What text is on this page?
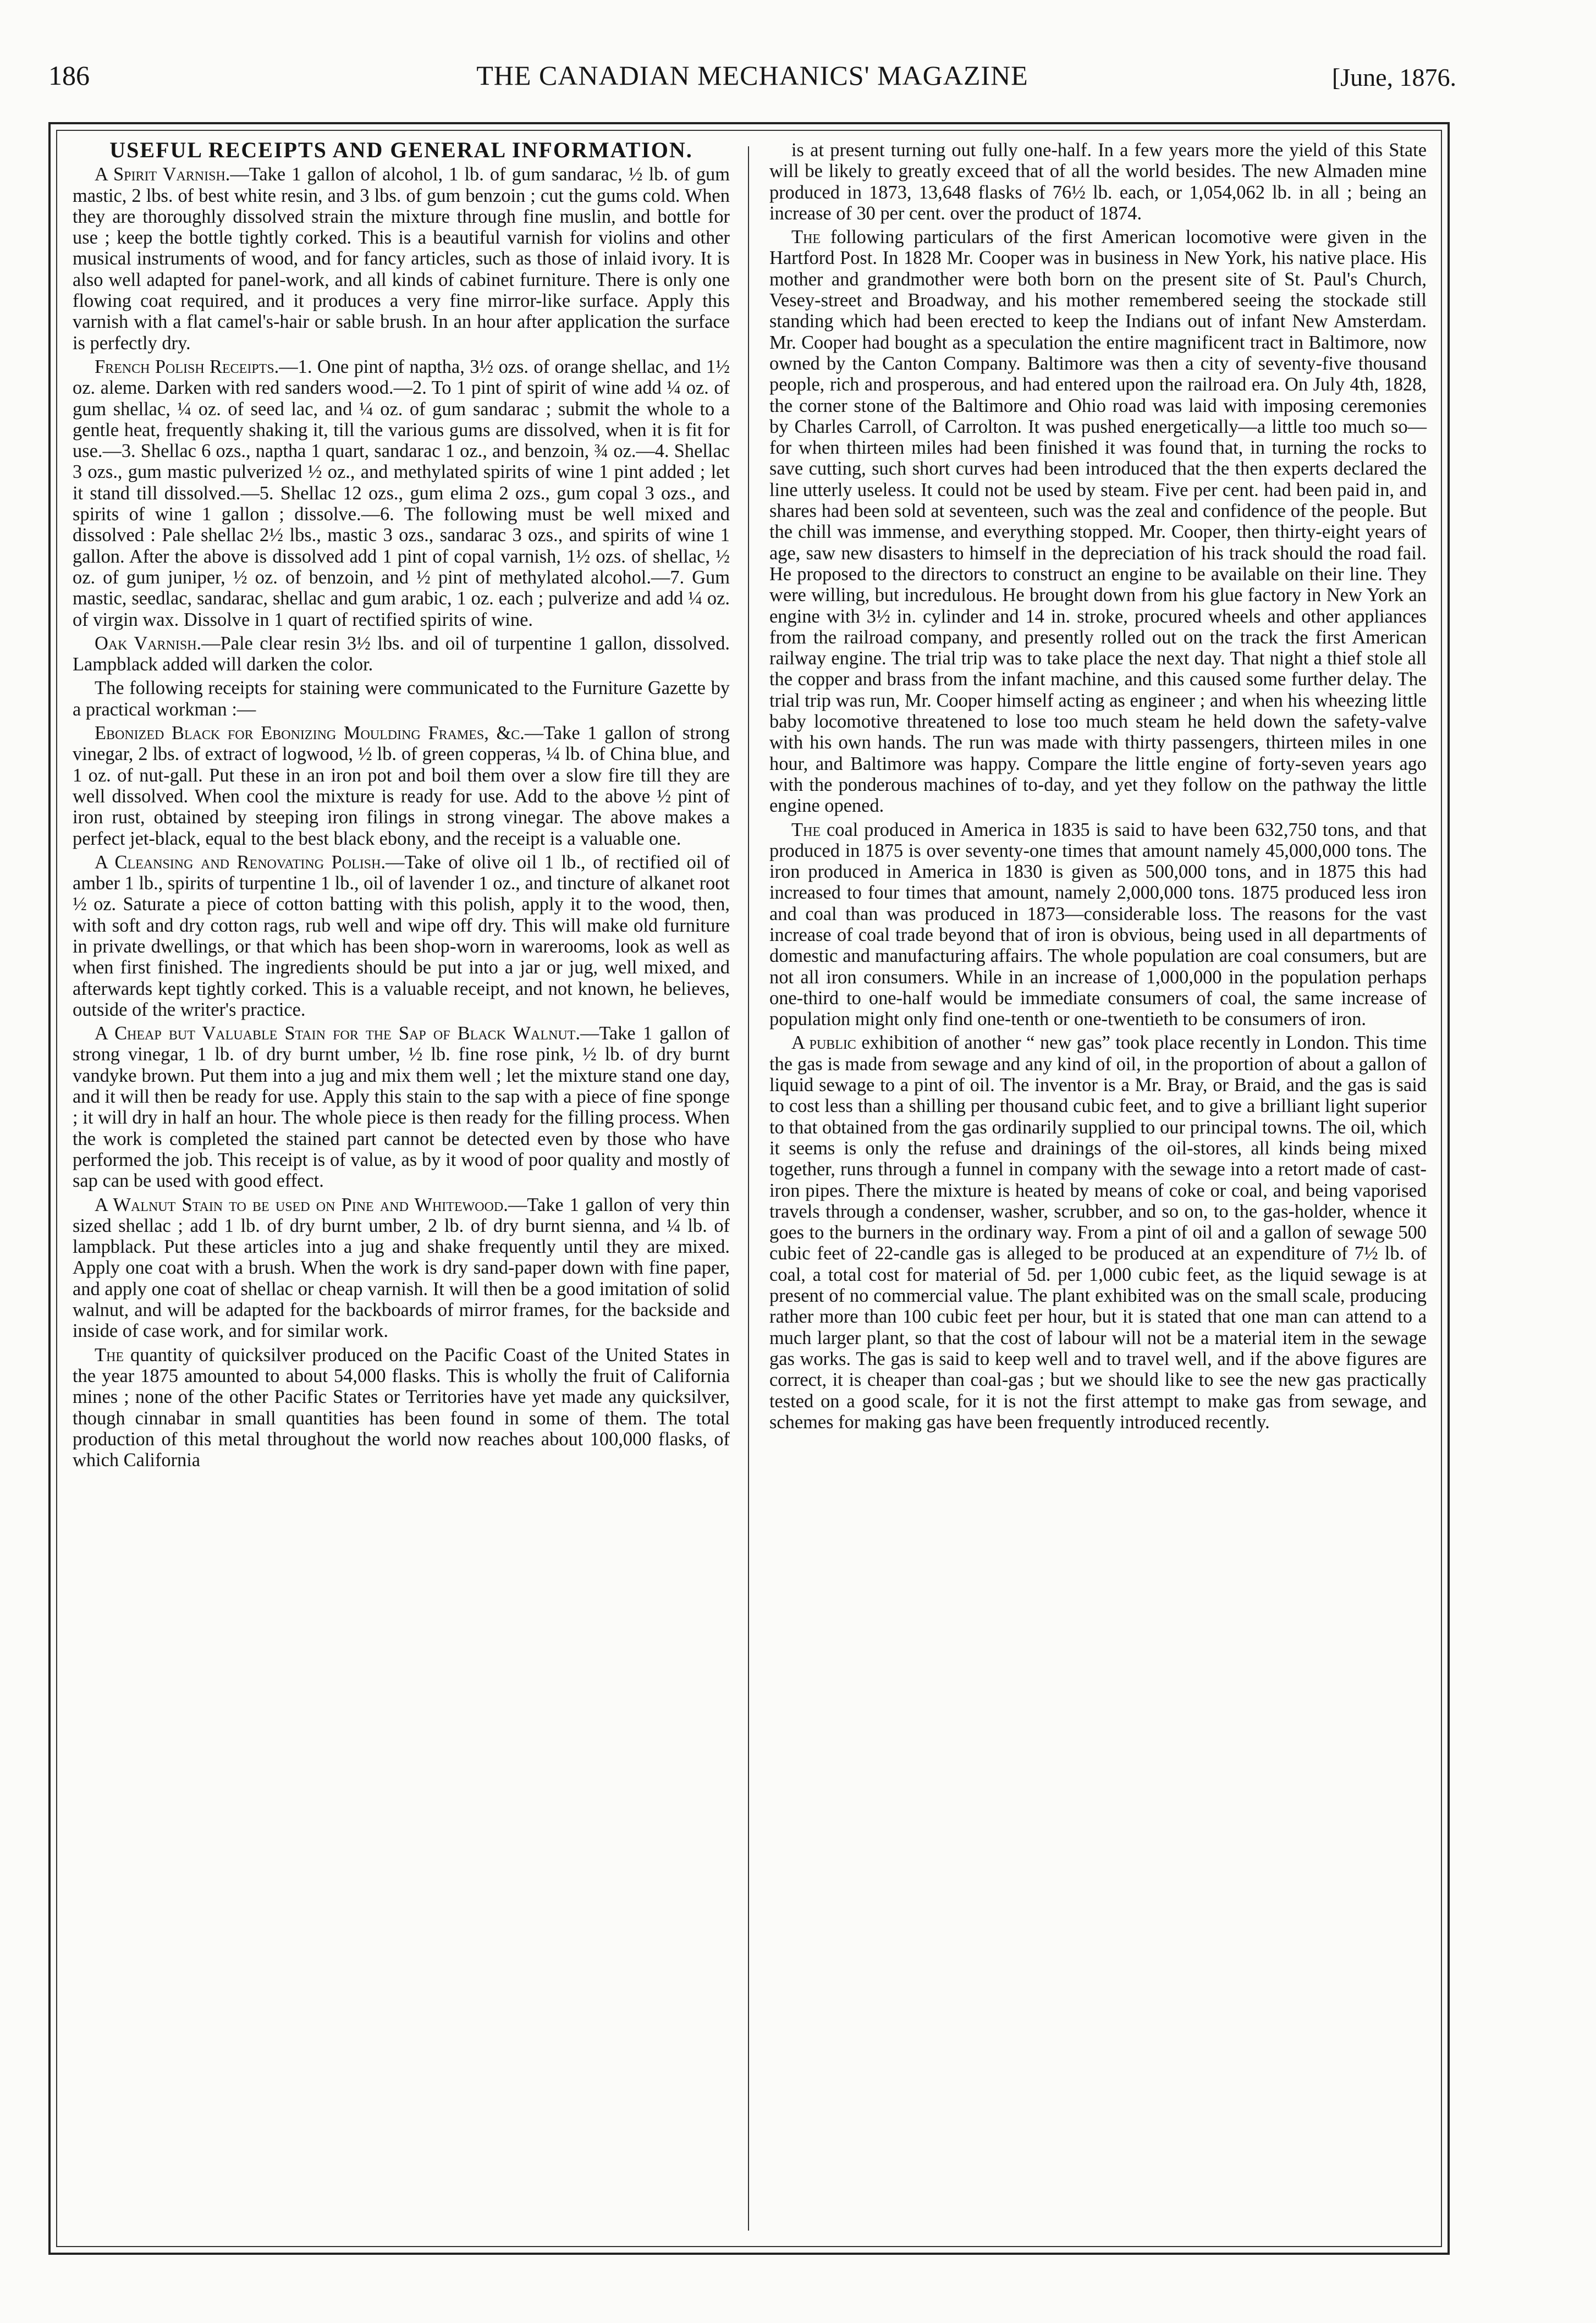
186	THE CANADIAN MECHANICS' MAGAZINE	[June, 1876.
USEFUL RECEIPTS AND GENERAL INFORMATION.

A Spirit Varnish.—Take 1 gallon of alcohol, 1 lb. of gum sandarac, ½ lb. of gum mastic, 2 lbs. of best white resin, and 3 lbs. of gum benzoin ; cut the gums cold. When they are thoroughly dissolved strain the mixture through fine muslin, and bottle for use ; keep the bottle tightly corked. This is a beautiful varnish for violins and other musical instruments of wood, and for fancy articles, such as those of inlaid ivory. It is also well adapted for panel-work, and all kinds of cabinet furniture. There is only one flowing coat required, and it produces a very fine mirror-like surface. Apply this varnish with a flat camel's-hair or sable brush. In an hour after application the surface is perfectly dry.

French Polish Receipts.—1. One pint of naptha, 3½ ozs. of orange shellac, and 1½ oz. aleme. Darken with red sanders wood.—2. To 1 pint of spirit of wine add ¼ oz. of gum shellac, ¼ oz. of seed lac, and ¼ oz. of gum sandarac ; submit the whole to a gentle heat, frequently shaking it, till the various gums are dissolved, when it is fit for use.—3. Shellac 6 ozs., naptha 1 quart, sandarac 1 oz., and benzoin, ¾ oz.—4. Shellac 3 ozs., gum mastic pulverized ½ oz., and methylated spirits of wine 1 pint added ; let it stand till dissolved.—5. Shellac 12 ozs., gum elima 2 ozs., gum copal 3 ozs., and spirits of wine 1 gallon ; dissolve.—6. The following must be well mixed and dissolved : Pale shellac 2½ lbs., mastic 3 ozs., sandarac 3 ozs., and spirits of wine 1 gallon. After the above is dissolved add 1 pint of copal varnish, 1½ ozs. of shellac, ½ oz. of gum juniper, ½ oz. of benzoin, and ½ pint of methylated alcohol.—7. Gum mastic, seedlac, sandarac, shellac and gum arabic, 1 oz. each ; pulverize and add ¼ oz. of virgin wax. Dissolve in 1 quart of rectified spirits of wine.

Oak Varnish.—Pale clear resin 3½ lbs. and oil of turpentine 1 gallon, dissolved. Lampblack added will darken the color.

The following receipts for staining were communicated to the Furniture Gazette by a practical workman :—

Ebonized Black for Ebonizing Moulding Frames, &c.—Take 1 gallon of strong vinegar, 2 lbs. of extract of logwood, ½ lb. of green copperas, ¼ lb. of China blue, and 1 oz. of nut-gall. Put these in an iron pot and boil them over a slow fire till they are well dissolved. When cool the mixture is ready for use. Add to the above ½ pint of iron rust, obtained by steeping iron filings in strong vinegar. The above makes a perfect jet-black, equal to the best black ebony, and the receipt is a valuable one.

A Cleansing and Renovating Polish.—Take of olive oil 1 lb., of rectified oil of amber 1 lb., spirits of turpentine 1 lb., oil of lavender 1 oz., and tincture of alkanet root ½ oz. Saturate a piece of cotton batting with this polish, apply it to the wood, then, with soft and dry cotton rags, rub well and wipe off dry. This will make old furniture in private dwellings, or that which has been shop-worn in warerooms, look as well as when first finished. The ingredients should be put into a jar or jug, well mixed, and afterwards kept tightly corked. This is a valuable receipt, and not known, he believes, outside of the writer's practice.

A Cheap but Valuable Stain for the Sap of Black Walnut.—Take 1 gallon of strong vinegar, 1 lb. of dry burnt umber, ½ lb. fine rose pink, ½ lb. of dry burnt vandyke brown. Put them into a jug and mix them well ; let the mixture stand one day, and it will then be ready for use. Apply this stain to the sap with a piece of fine sponge ; it will dry in half an hour. The whole piece is then ready for the filling process. When the work is completed the stained part cannot be detected even by those who have performed the job. This receipt is of value, as by it wood of poor quality and mostly of sap can be used with good effect.

A Walnut Stain to be used on Pine and Whitewood.—Take 1 gallon of very thin sized shellac ; add 1 lb. of dry burnt umber, 2 lb. of dry burnt sienna, and ¼ lb. of lampblack. Put these articles into a jug and shake frequently until they are mixed. Apply one coat with a brush. When the work is dry sand-paper down with fine paper, and apply one coat of shellac or cheap varnish. It will then be a good imitation of solid walnut, and will be adapted for the backboards of mirror frames, for the backside and inside of case work, and for similar work.

The quantity of quicksilver produced on the Pacific Coast of the United States in the year 1875 amounted to about 54,000 flasks. This is wholly the fruit of California mines ; none of the other Pacific States or Territories have yet made any quicksilver, though cinnabar in small quantities has been found in some of them. The total production of this metal throughout the world now reaches about 100,000 flasks, of which California

is at present turning out fully one-half. In a few years more the yield of this State will be likely to greatly exceed that of all the world besides. The new Almaden mine produced in 1873, 13,648 flasks of 76½ lb. each, or 1,054,062 lb. in all ; being an increase of 30 per cent. over the product of 1874.

The following particulars of the first American locomotive were given in the Hartford Post. In 1828 Mr. Cooper was in business in New York, his native place. His mother and grandmother were both born on the present site of St. Paul's Church, Vesey-street and Broadway, and his mother remembered seeing the stockade still standing which had been erected to keep the Indians out of infant New Amsterdam. Mr. Cooper had bought as a speculation the entire magnificent tract in Baltimore, now owned by the Canton Company. Baltimore was then a city of seventy-five thousand people, rich and prosperous, and had entered upon the railroad era. On July 4th, 1828, the corner stone of the Baltimore and Ohio road was laid with imposing ceremonies by Charles Carroll, of Carrolton. It was pushed energetically—a little too much so—for when thirteen miles had been finished it was found that, in turning the rocks to save cutting, such short curves had been introduced that the then experts declared the line utterly useless. It could not be used by steam. Five per cent. had been paid in, and shares had been sold at seventeen, such was the zeal and confidence of the people. But the chill was immense, and everything stopped. Mr. Cooper, then thirty-eight years of age, saw new disasters to himself in the depreciation of his track should the road fail. He proposed to the directors to construct an engine to be available on their line. They were willing, but incredulous. He brought down from his glue factory in New York an engine with 3½ in. cylinder and 14 in. stroke, procured wheels and other appliances from the railroad company, and presently rolled out on the track the first American railway engine. The trial trip was to take place the next day. That night a thief stole all the copper and brass from the infant machine, and this caused some further delay. The trial trip was run, Mr. Cooper himself acting as engineer ; and when his wheezing little baby locomotive threatened to lose too much steam he held down the safety-valve with his own hands. The run was made with thirty passengers, thirteen miles in one hour, and Baltimore was happy. Compare the little engine of forty-seven years ago with the ponderous machines of to-day, and yet they follow on the pathway the little engine opened.

The coal produced in America in 1835 is said to have been 632,750 tons, and that produced in 1875 is over seventy-one times that amount namely 45,000,000 tons. The iron produced in America in 1830 is given as 500,000 tons, and in 1875 this had increased to four times that amount, namely 2,000,000 tons. 1875 produced less iron and coal than was produced in 1873—considerable loss. The reasons for the vast increase of coal trade beyond that of iron is obvious, being used in all departments of domestic and manufacturing affairs. The whole population are coal consumers, but are not all iron consumers. While in an increase of 1,000,000 in the population perhaps one-third to one-half would be immediate consumers of coal, the same increase of population might only find one-tenth or one-twentieth to be consumers of iron.

A public exhibition of another “ new gas” took place recently in London. This time the gas is made from sewage and any kind of oil, in the proportion of about a gallon of liquid sewage to a pint of oil. The inventor is a Mr. Bray, or Braid, and the gas is said to cost less than a shilling per thousand cubic feet, and to give a brilliant light superior to that obtained from the gas ordinarily supplied to our principal towns. The oil, which it seems is only the refuse and drainings of the oil-stores, all kinds being mixed together, runs through a funnel in company with the sewage into a retort made of cast-iron pipes. There the mixture is heated by means of coke or coal, and being vaporised travels through a condenser, washer, scrubber, and so on, to the gas-holder, whence it goes to the burners in the ordinary way. From a pint of oil and a gallon of sewage 500 cubic feet of 22-candle gas is alleged to be produced at an expenditure of 7½ lb. of coal, a total cost for material of 5d. per 1,000 cubic feet, as the liquid sewage is at present of no commercial value. The plant exhibited was on the small scale, producing rather more than 100 cubic feet per hour, but it is stated that one man can attend to a much larger plant, so that the cost of labour will not be a material item in the sewage gas works. The gas is said to keep well and to travel well, and if the above figures are correct, it is cheaper than coal-gas ; but we should like to see the new gas practically tested on a good scale, for it is not the first attempt to make gas from sewage, and schemes for making gas have been frequently introduced recently.
